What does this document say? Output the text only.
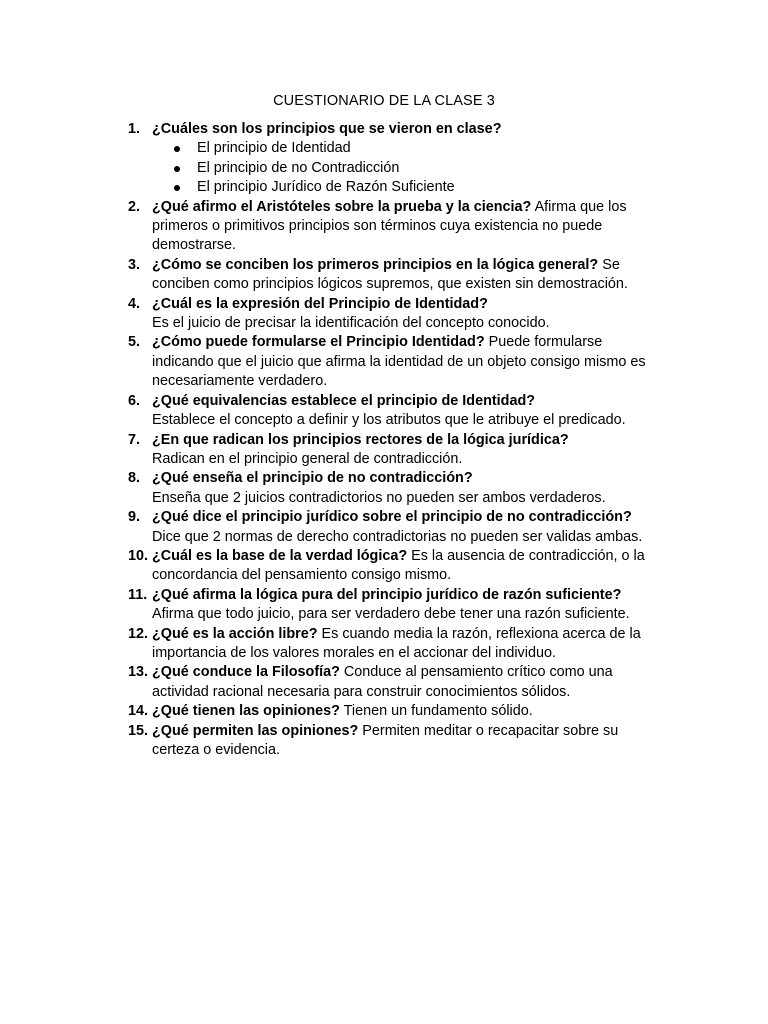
CUESTIONARIO DE LA CLASE 3
1. ¿Cuáles son los principios que se vieron en clase?
El principio de Identidad
El principio de no Contradicción
El principio Jurídico de Razón Suficiente
2. ¿Qué afirmo el Aristóteles sobre la prueba y la ciencia? Afirma que los primeros o primitivos principios son términos cuya existencia no puede demostrarse.
3. ¿Cómo se conciben los primeros principios en la lógica general? Se conciben como principios lógicos supremos, que existen sin demostración.
4. ¿Cuál es la expresión del Principio de Identidad?
Es el juicio de precisar la identificación del concepto conocido.
5. ¿Cómo puede formularse el Principio Identidad? Puede formularse indicando que el juicio que afirma la identidad de un objeto consigo mismo es necesariamente verdadero.
6. ¿Qué equivalencias establece el principio de Identidad?
Establece el concepto a definir y los atributos que le atribuye el predicado.
7. ¿En que radican los principios rectores de la lógica jurídica?
Radican en el principio general de contradicción.
8. ¿Qué enseña el principio de no contradicción?
Enseña que 2 juicios contradictorios no pueden ser ambos verdaderos.
9. ¿Qué dice el principio jurídico sobre el principio de no contradicción?
Dice que 2 normas de derecho contradictorias no pueden ser validas ambas.
10. ¿Cuál es la base de la verdad lógica? Es la ausencia de contradicción, o la concordancia del pensamiento consigo mismo.
11. ¿Qué afirma la lógica pura del principio jurídico de razón suficiente?
Afirma que todo juicio, para ser verdadero debe tener una razón suficiente.
12. ¿Qué es la acción libre? Es cuando media la razón, reflexiona acerca de la importancia de los valores morales en el accionar del individuo.
13. ¿Qué conduce la Filosofía? Conduce al pensamiento crítico como una actividad racional necesaria para construir conocimientos sólidos.
14. ¿Qué tienen las opiniones? Tienen un fundamento sólido.
15. ¿Qué permiten las opiniones? Permiten meditar o recapacitar sobre su certeza o evidencia.
